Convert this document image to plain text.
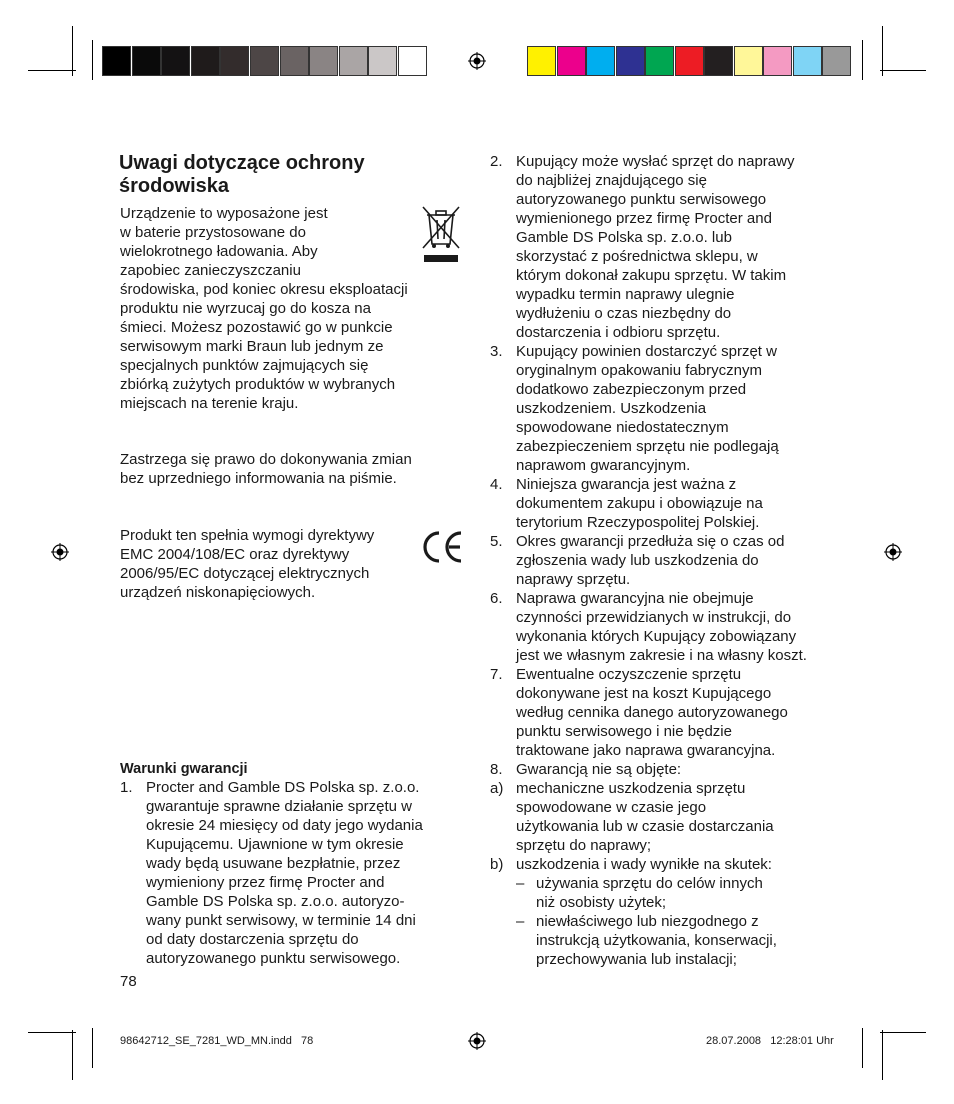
Uwagi dotyczące ochrony środowiska
Urządzenie to wyposażone jest
w baterie przystosowane do
wielokrotnego ładowania. Aby
zapobiec zanieczyszczaniu
środowiska, pod koniec okresu eksploatacji
produktu nie wyrzucaj go do kosza na
śmieci. Możesz pozostawić go w punkcie
serwisowym marki Braun lub jednym ze
specjalnych punktów zajmujących się
zbiórką zużytych produktów w wybranych
miejscach na terenie kraju.
Zastrzega się prawo do dokonywania zmian
bez uprzedniego informowania na piśmie.
Produkt ten spełnia wymogi dyrektywy
EMC 2004/108/EC oraz dyrektywy
2006/95/EC dotyczącej elektrycznych
urządzeń niskonapięciowych.
Warunki gwarancji
1. Procter and Gamble DS Polska sp. z.o.o.
gwarantuje sprawne działanie sprzętu w
okresie 24 miesięcy od daty jego wydania
Kupującemu. Ujawnione w tym okresie
wady będą usuwane bezpłatnie, przez
wymieniony przez firmę Procter and
Gamble DS Polska sp. z.o.o. autoryzo-
wany punkt serwisowy, w terminie 14 dni
od daty dostarczenia sprzętu do
autoryzowanego punktu serwisowego.
78
2. Kupujący może wysłać sprzęt do naprawy
do najbliżej znajdującego się
autoryzowanego punktu serwisowego
wymienionego przez firmę Procter and
Gamble DS Polska sp. z.o.o. lub
skorzystać z pośrednictwa sklepu, w
którym dokonał zakupu sprzętu. W takim
wypadku termin naprawy ulegnie
wydłużeniu o czas niezbędny do
dostarczenia i odbioru sprzętu.
3. Kupujący powinien dostarczyć sprzęt w
oryginalnym opakowaniu fabrycznym
dodatkowo zabezpieczonym przed
uszkodzeniem. Uszkodzenia
spowodowane niedostatecznym
zabezpieczeniem sprzętu nie podlegają
naprawom gwarancyjnym.
4. Niniejsza gwarancja jest ważna z
dokumentem zakupu i obowiązuje na
terytorium Rzeczypospolitej Polskiej.
5. Okres gwarancji przedłuża się o czas od
zgłoszenia wady lub uszkodzenia do
naprawy sprzętu.
6. Naprawa gwarancyjna nie obejmuje
czynności przewidzianych w instrukcji, do
wykonania których Kupujący zobowiązany
jest we własnym zakresie i na własny koszt.
7. Ewentualne oczyszczenie sprzętu
dokonywane jest na koszt Kupującego
według cennika danego autoryzowanego
punktu serwisowego i nie będzie
traktowane jako naprawa gwarancyjna.
8. Gwarancją nie są objęte:
a) mechaniczne uszkodzenia sprzętu
spowodowane w czasie jego
użytkowania lub w czasie dostarczania
sprzętu do naprawy;
b) uszkodzenia i wady wynikłe na skutek:
– używania sprzętu do celów innych
niż osobisty użytek;
– niewłaściwego lub niezgodnego z
instrukcją użytkowania, konserwacji,
przechowywania lub instalacji;
98642712_SE_7281_WD_MN.indd   78	28.07.2008   12:28:01 Uhr
